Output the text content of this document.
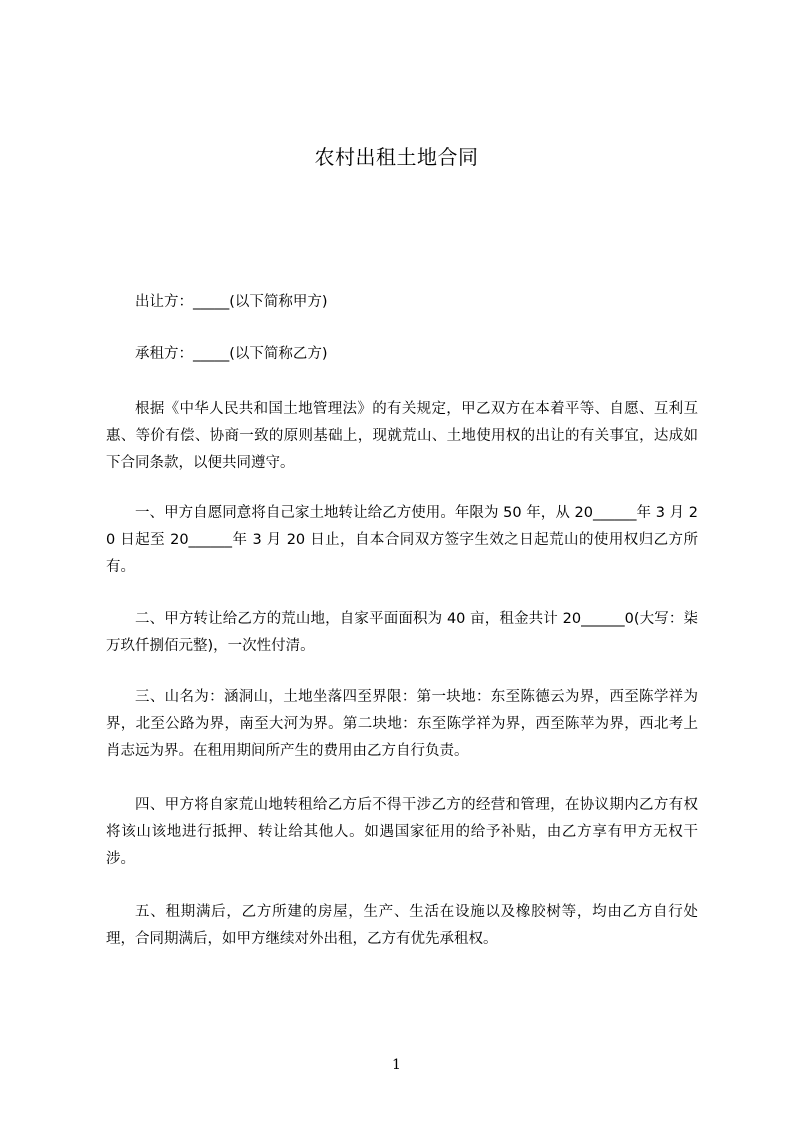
农村出租土地合同
出让方：_____(以下简称甲方)
承租方：_____(以下简称乙方)
根据《中华人民共和国土地管理法》的有关规定，甲乙双方在本着平等、自愿、互利互惠、等价有偿、协商一致的原则基础上，现就荒山、土地使用权的出让的有关事宜，达成如下合同条款，以便共同遵守。
一、甲方自愿同意将自己家土地转让给乙方使用。年限为 50 年，从 20______年 3 月 20 日起至 20______年 3 月 20 日止，自本合同双方签字生效之日起荒山的使用权归乙方所有。
二、甲方转让给乙方的荒山地，自家平面面积为 40 亩，租金共计 20______0(大写：柒万玖仟捌佰元整)，一次性付清。
三、山名为：涵洞山，土地坐落四至界限：第一块地：东至陈德云为界，西至陈学祥为界，北至公路为界，南至大河为界。第二块地：东至陈学祥为界，西至陈苹为界，西北考上　肖志远为界。在租用期间所产生的费用由乙方自行负责。
四、甲方将自家荒山地转租给乙方后不得干涉乙方的经营和管理，在协议期内乙方有权将该山该地进行抵押、转让给其他人。如遇国家征用的给予补贴，由乙方享有甲方无权干涉。
五、租期满后，乙方所建的房屋，生产、生活在设施以及橡胶树等，均由乙方自行处理，合同期满后，如甲方继续对外出租，乙方有优先承租权。
1
